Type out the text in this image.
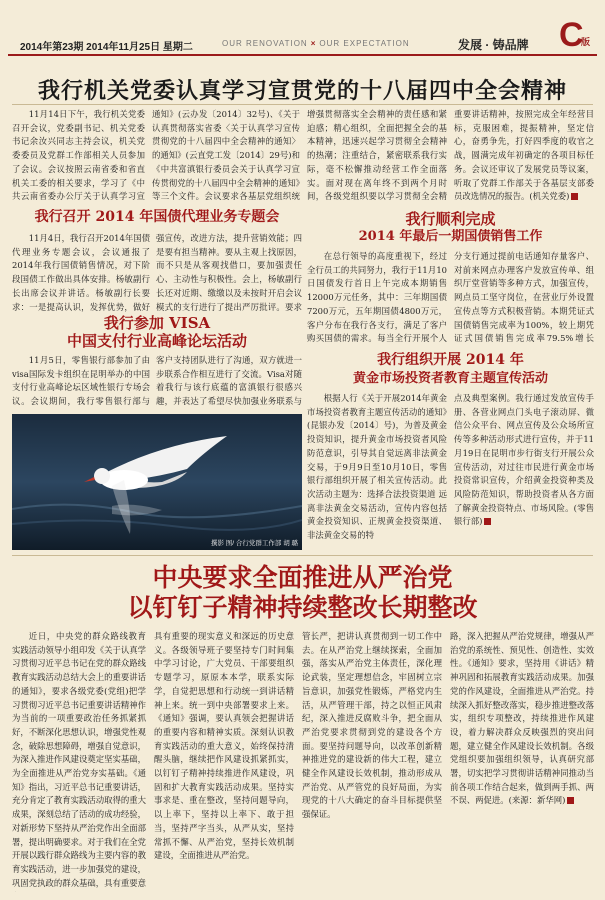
2014年第23期 2014年11月25日 星期二	OUR RENOVATION × OUR EXPECTATION	发展 · 铸品牌 C
版
我行机关党委认真学习宣贯党的十八届四中全会精神

11月14日下午，我行机关党委召开会议，党委副书记、机关党委书记余汝兴同志主持会议，机关党委委员及党群工作部相关人员参加了会议。会议按照云南省委和省直机关工委的相关要求，学习了《中共云南省委办公厅关于认真学习宣

通知》(云办发〔2014〕32号)、《关于认真贯彻落实省委〈关于认真学习宣传贯彻党的十八届四中全会精神的通知〉的通知》(云直党工发〔2014〕29号)和《中共富滇银行委员会关于认真学习宣传贯彻党的十八届四中全会精神的通知》等三个文件。会议要求各基层党组织统

增强贯彻落实全会精神的责任感和紧迫感；精心组织，全面把握全会的基本精神，迅速兴起学习贯彻全会精神的热潮；注重结合，紧密联系我行实际，毫不松懈推动经营工作全面落实。面对现在离年终不到两个月时间，各级党组织要以学习贯彻全会精

重要讲话精神，按照完成全年经营目标，克服困难，提振精神，坚定信心，奋勇争先，打好四季度的收官之战，圆满完成年初确定的各项目标任务。会议还审议了发展党员等议案，听取了党群工作部关于各基层支部委员改选情况的报告。(机关党委)

我行召开 2014 年国债代理业务专题会

11月4日，我行召开2014年国债代理业务专题会议，会议通报了2014年我行国债销售情况，对下阶段国债工作做出具体安排。杨敏副行长出席会议并讲话。杨敏副行长要求：一是提高认识，发挥优势，做好

强宣传，改进方法，提升营销效能；四是要有担当精神。要从主观上找原因，而不只是从客观找借口，要加强责任心、主动性与积极性。会上，杨敏副行长还对近期、缴缴以及未按时开启会议模式的支行进行了提出严厉批评。要求

我行参加 VISA
中国支付行业高峰论坛活动

11月5日，零售银行部参加了由visa国际发卡组织在昆明举办的中国支付行业高峰论坛区域性银行专场会议。会议期间，我行零售银行部与

客户支持团队进行了沟通，双方就进一步联系合作相互进行了交流。Visa对随着我行与该行底蕴的富滇银行很感兴趣，并表达了希望尽快加强业务联系与

撰影 图/ 合行党群工作部 胡 璐
我行顺利完成
2014 年最后一期国债销售工作

在总行领导的高度重视下，经过全行员工的共同努力，我行于11月10日国债发行首日上午完成本期销售12000万元任务，其中：三年期国债7200万元，五年期国债4800万元，客户分布在我行各支行，满足了客户购买国债的需求。每当全行开展个人

分支行通过提前电话通知存量客户、对前来网点办理客户发放宣传单、组织厅堂营销等多种方式，加强宣传，网点员工坚守岗位，在营业厅外设置宣传点等方式积极营销。本期凭证式国债销售完成率为100%，较上期凭证式国债销售完成率79.5%增长

我行组织开展 2014 年
黄金市场投资者教育主题宣传活动

根据人行《关于开展2014年黄金市场投资者教育主题宣传活动的通知》(昆银办发〔2014〕号)，为普及黄金投资知识，提升黄金市场投资者风险防范意识，引导其自觉远离非法黄金交易，于9月9日至10月10日，零售银行部组织开展了相关宣传活动。此次活动主题为：选择合法投资渠道 远离非法黄金交易活动，宣传内容包括黄金投资知识、正规黄金投资渠道、非法黄金交易的特

点及典型案例。我行通过发放宣传手册、各营业网点门头电子滚动屏、微信公众平台、网点宣传及公众场所宣传等多种活动形式进行宣传，并于11月19日在昆明市步行街支行开展公众宣传活动，对过往市民进行黄金市场投资常识宣传，介绍黄金投资种类及风险防范知识，帮助投资者从各方面了解黄金投资特点、市场风险。(零售银行部)

中央要求全面推进从严治党
以钉钉子精神持续整改长期整改

近日，中央党的群众路线教育实践活动领导小组印发《关于认真学习贯彻习近平总书记在党的群众路线教育实践活动总结大会上的重要讲话的通知》，要求各级党委(党组)把学习贯彻习近平总书记重要讲话精神作为当前的一项重要政治任务抓紧抓好，不断深化思想认识，增强党性观念，破除思想障碍，增强自觉意识，为深入推进作风建设奠定坚实基础，为全面推进从严治党夯实基础。《通知》指出，习近平总书记重要讲话，充分肯定了教育实践活动取得的重大成果，深刻总结了活动的成功经验，对新形势下坚持从严治党作出全面部署，提出明确要求。对于我们在全党开展以践行群众路线为主要内容的教育实践活动，进一步加强党的建设，巩固党执政的群众基础，具有重要意

具有重要的现实意义和深远的历史意义。各级领导班子要坚持专门时间集中学习讨论，广大党员、干部要组织专题学习，原原本本学，联系实际学，自觉把思想和行动统一到讲话精神上来。统一到中央部署要求上来。《通知》强调，要认真领会把握讲话的重要内容和精神实质。深刻认识教育实践活动的重大意义，始终保持清醒头脑，继续把作风建设抓紧抓实，以钉钉子精神持续推进作风建设，巩固和扩大教育实践活动成果。坚持实事求是、重在整改，坚持问题导向，以上率下，坚持以上率下、敢于担当，坚持严字当头，从严从实，坚持常抓不懈、从严治党，坚持长效机制建设，全面推进从严治党。

管长严，把讲认真贯彻到一切工作中去。在从严治党上继续探索，全面加强，落实从严治党主体责任，深化理论武装，坚定理想信念，牢固树立宗旨意识，加强党性锻炼，严格党内生活，从严管理干部，持之以恒正风肃纪，深入推进反腐败斗争，把全面从严治党要求贯彻到党的建设各个方面。要坚持问题导向，以改革创新精神推进党的建设新的伟大工程，建立健全作风建设长效机制，推动形成从严治党、从严管党的良好局面，为实现党的十八大确定的奋斗目标提供坚强保证。

路，深入把握从严治党规律，增强从严治党的系统性、预见性、创造性、实效性。《通知》要求，坚持用《讲话》精神巩固和拓展教育实践活动成果。加强党的作风建设，全面推进从严治党。持续深入抓好整改落实，稳步推进整改落实，组织专项整改，持续推进作风建设，着力解决群众反映强烈的突出问题，建立健全作风建设长效机制。各级党组织要加强组织领导，认真研究部署，切实把学习贯彻讲话精神同推动当前各项工作结合起来，做到两手抓、两不误、两促进。(来源：新华网)
